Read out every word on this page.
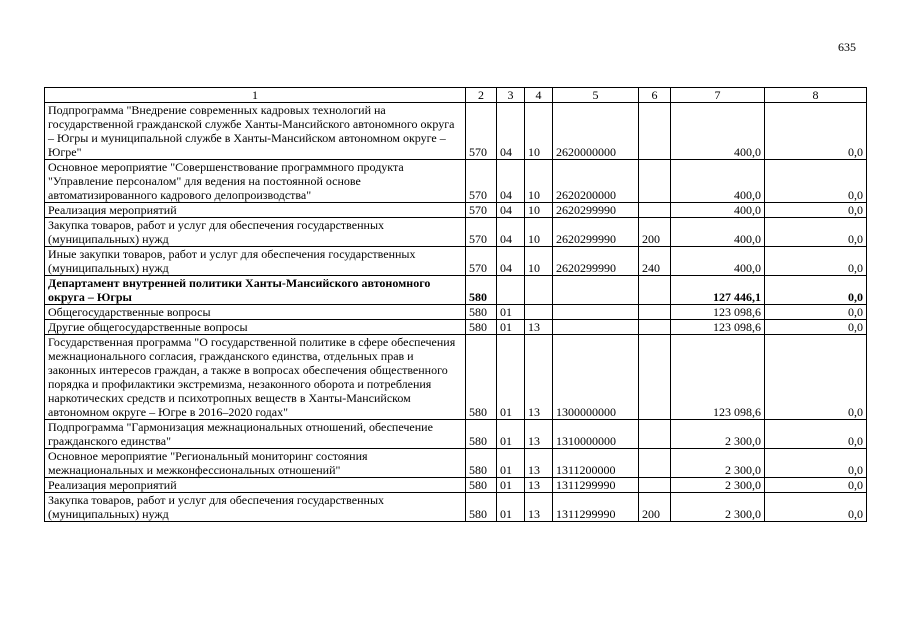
635
1	2	3	4	5	6	7	8
Подпрограмма "Внедрение современных кадровых технологий на государственной гражданской службе Ханты-Мансийского автономного округа – Югры и муниципальной службе в Ханты-Мансийском автономном округе – Югре"	570	04	10	2620000000		400,0	0,0
Основное мероприятие "Совершенствование программного продукта "Управление персоналом" для ведения на постоянной основе автоматизированного кадрового делопроизводства"	570	04	10	2620200000		400,0	0,0
Реализация мероприятий	570	04	10	2620299990		400,0	0,0
Закупка товаров, работ и услуг для обеспечения государственных (муниципальных) нужд	570	04	10	2620299990	200	400,0	0,0
Иные закупки товаров, работ и услуг для обеспечения государственных (муниципальных) нужд	570	04	10	2620299990	240	400,0	0,0
Департамент внутренней политики Ханты-Мансийского автономного округа – Югры	580					127 446,1	0,0
Общегосударственные вопросы	580	01				123 098,6	0,0
Другие общегосударственные вопросы	580	01	13			123 098,6	0,0
Государственная программа "О государственной политике в сфере обеспечения межнационального согласия, гражданского единства, отдельных прав и законных интересов граждан, а также в вопросах обеспечения общественного порядка и профилактики экстремизма, незаконного оборота и потребления наркотических средств и психотропных веществ в Ханты-Мансийском автономном округе – Югре в 2016–2020 годах"	580	01	13	1300000000		123 098,6	0,0
Подпрограмма "Гармонизация межнациональных отношений, обеспечение гражданского единства"	580	01	13	1310000000		2 300,0	0,0
Основное мероприятие "Региональный мониторинг состояния межнациональных и межконфессиональных отношений"	580	01	13	1311200000		2 300,0	0,0
Реализация мероприятий	580	01	13	1311299990		2 300,0	0,0
Закупка товаров, работ и услуг для обеспечения государственных (муниципальных) нужд	580	01	13	1311299990	200	2 300,0	0,0
